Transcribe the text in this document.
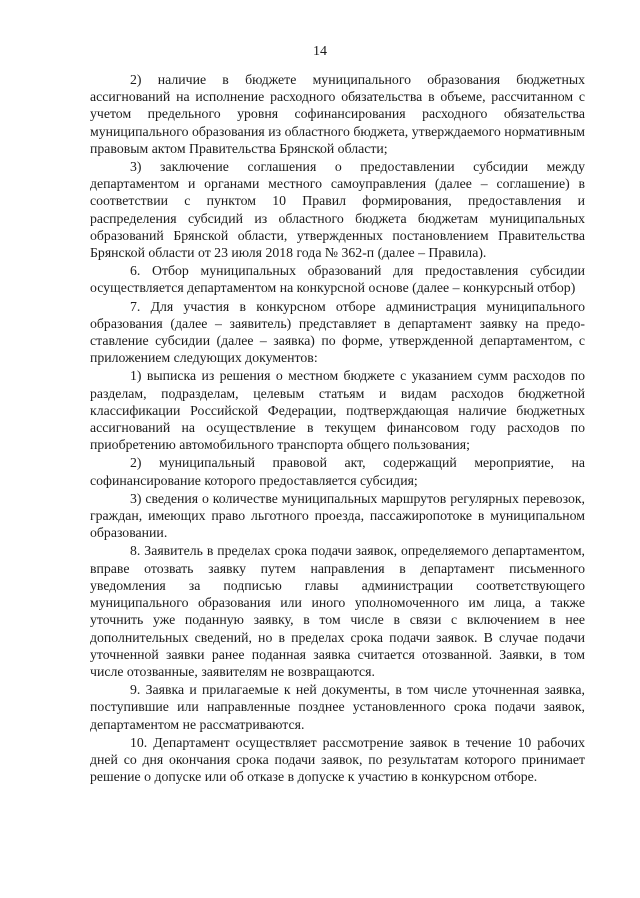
14

2) наличие в бюджете муниципального образования бюджетных ассигнований на исполнение расходного обязательства в объеме, рассчитанном с учетом предельного уровня софинансирования расходного обязательства муниципального образования из областного бюджета, утверждаемого нормативным правовым актом Правительства Брянской области;

3) заключение соглашения о предоставлении субсидии между департаментом и органами местного самоуправления (далее – соглашение) в соответствии с пунктом 10 Правил формирования, предоставления и распределения субсидий из областного бюджета бюджетам муниципальных образований Брянской области, утвержденных постановлением Правительства Брянской области от 23 июля 2018 года № 362-п (далее – Правила).

6. Отбор муниципальных образований для предоставления субсидии осуществляется департаментом на конкурсной основе (далее – конкурсный отбор)

7. Для участия в конкурсном отборе администрация муниципального образования (далее – заявитель) представляет в департамент заявку на предоставление субсидии (далее – заявка) по форме, утвержденной департаментом, с приложением следующих документов:

1) выписка из решения о местном бюджете с указанием сумм расходов по разделам, подразделам, целевым статьям и видам расходов бюджетной классификации Российской Федерации, подтверждающая наличие бюджетных ассигнований на осуществление в текущем финансовом году расходов по приобретению автомобильного транспорта общего пользования;

2) муниципальный правовой акт, содержащий мероприятие, на софинансирование которого предоставляется субсидия;

3) сведения о количестве муниципальных маршрутов регулярных перевозок, граждан, имеющих право льготного проезда, пассажиропотоке в муниципальном образовании.

8. Заявитель в пределах срока подачи заявок, определяемого департаментом, вправе отозвать заявку путем направления в департамент письменного уведомления за подписью главы администрации соответствующего муниципального образования или иного уполномоченного им лица, а также уточнить уже поданную заявку, в том числе в связи с включением в нее дополнительных сведений, но в пределах срока подачи заявок. В случае подачи уточненной заявки ранее поданная заявка считается отозванной. Заявки, в том числе отозванные, заявителям не возвращаются.

9. Заявка и прилагаемые к ней документы, в том числе уточненная заявка, поступившие или направленные позднее установленного срока подачи заявок, департаментом не рассматриваются.

10. Департамент осуществляет рассмотрение заявок в течение 10 рабочих дней со дня окончания срока подачи заявок, по результатам которого принимает решение о допуске или об отказе в допуске к участию в конкурсном отборе.
